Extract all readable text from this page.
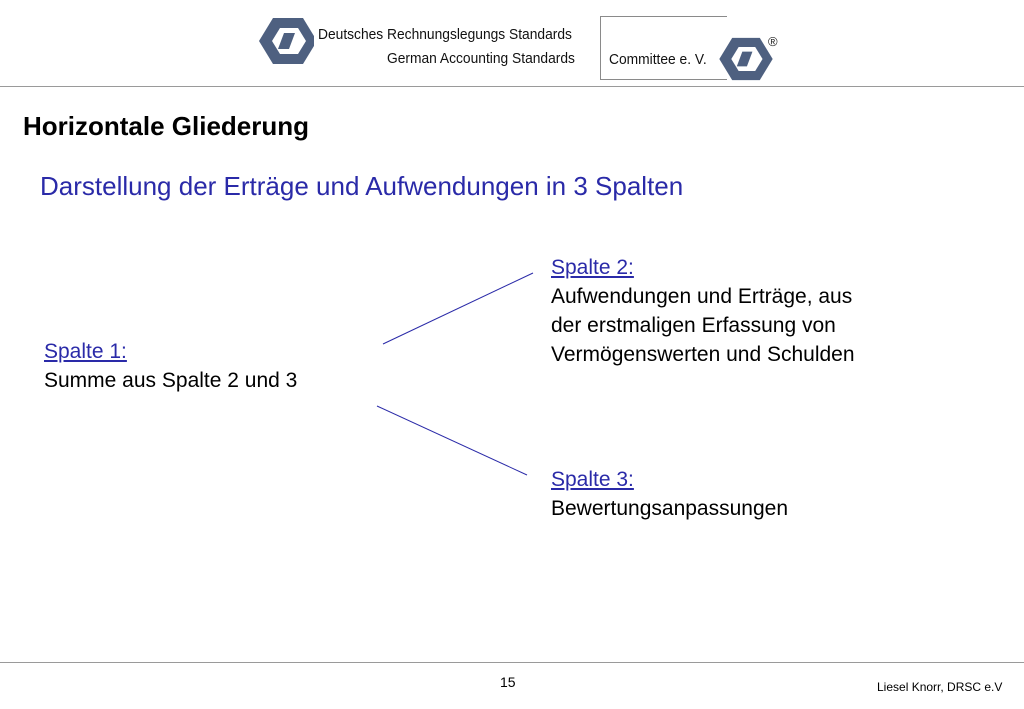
Deutsches Rechnungslegungs Standards
German Accounting Standards Committee e. V.
®
Horizontale Gliederung
Darstellung der Erträge und Aufwendungen in 3 Spalten
Spalte 1:
Summe aus Spalte 2 und 3
Spalte 2:
Aufwendungen und Erträge, aus
der erstmaligen Erfassung von
Vermögenswerten und Schulden
Spalte 3:
Bewertungsanpassungen
15	Liesel Knorr, DRSC e.V
